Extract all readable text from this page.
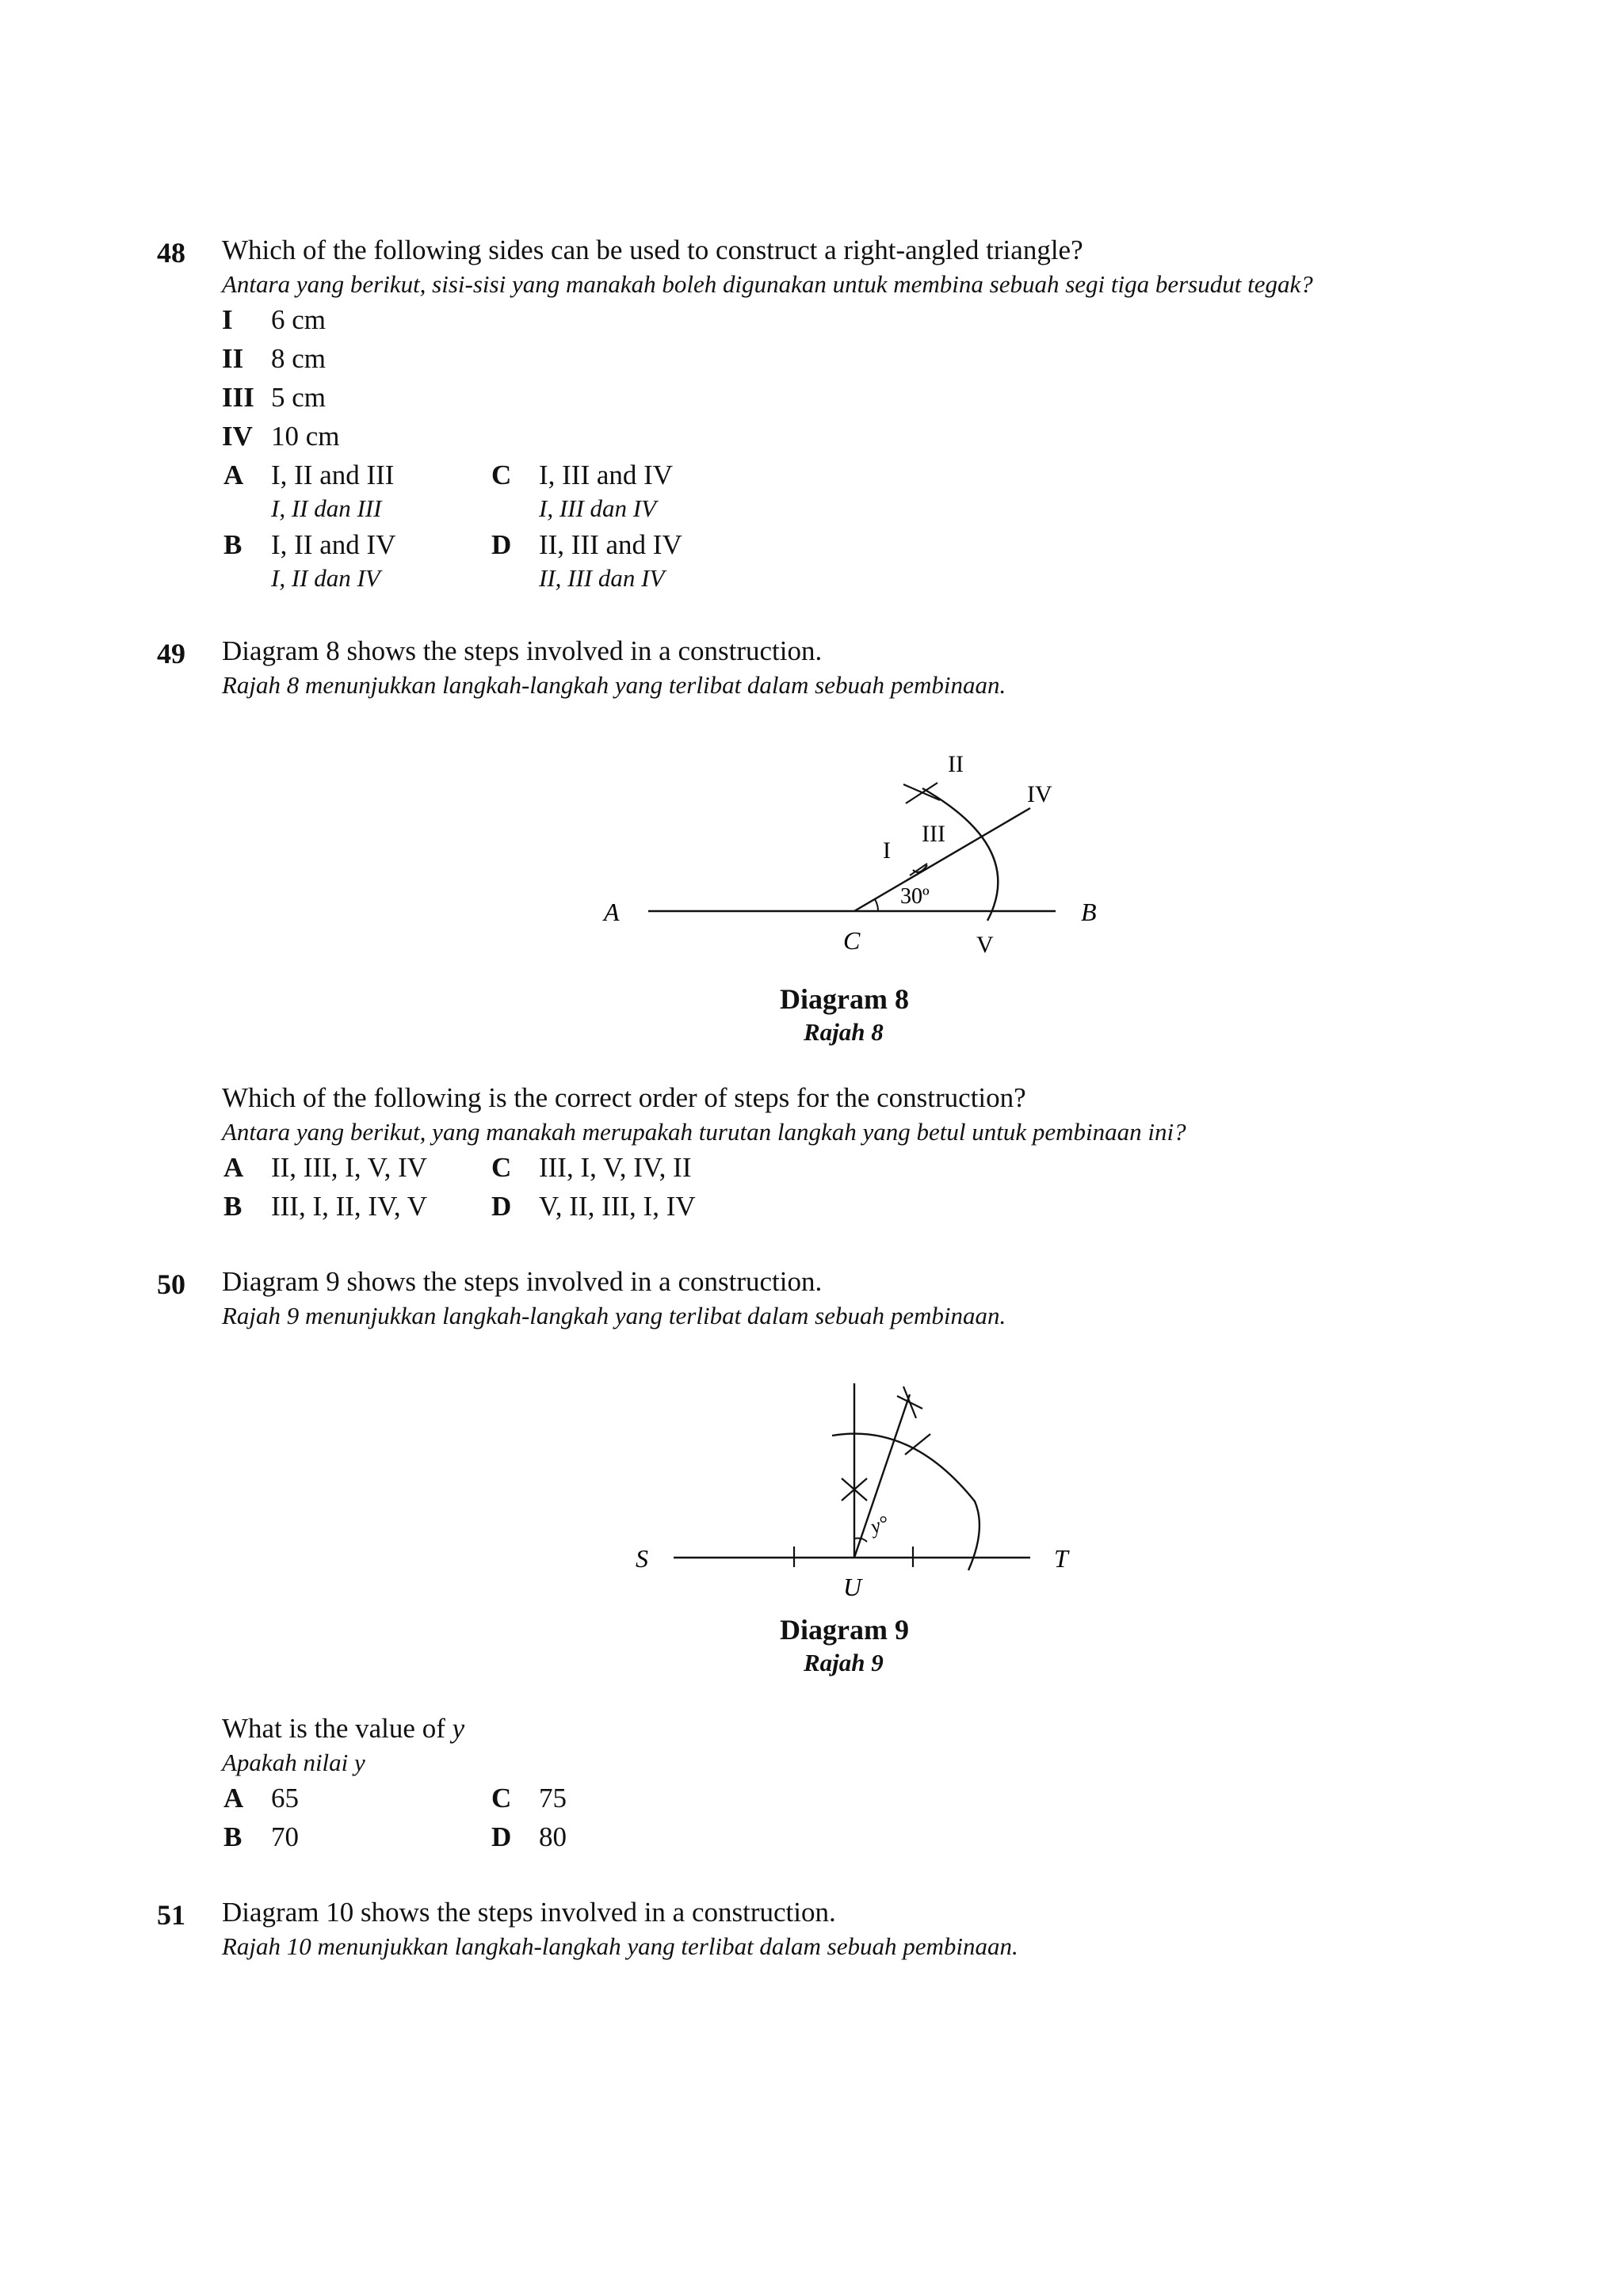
48 Which of the following sides can be used to construct a right-angled triangle?
Antara yang berikut, sisi-sisi yang manakah boleh digunakan untuk membina sebuah segi tiga bersudut tegak?
I 6 cm
II 8 cm
III 5 cm
IV 10 cm
A I, II and III
I, II dan III
B I, II and IV
I, II dan IV
C I, III and IV
I, III dan IV
D II, III and IV
II, III dan IV
49 Diagram 8 shows the steps involved in a construction.
Rajah 8 menunjukkan langkah-langkah yang terlibat dalam sebuah pembinaan.
A	B
C
I
II
III
IV
V
30º
Diagram 8
Rajah 8
Which of the following is the correct order of steps for the construction?
Antara yang berikut, yang manakah merupakah turutan langkah yang betul untuk pembinaan ini?
A II, III, I, V, IV
B III, I, II, IV, V
C III, I, V, IV, II
D V, II, III, I, IV
50 Diagram 9 shows the steps involved in a construction.
Rajah 9 menunjukkan langkah-langkah yang terlibat dalam sebuah pembinaan.
S	T
U
y°
Diagram 9
Rajah 9
What is the value of y
Apakah nilai y
A 65
B 70
C 75
D 80
51 Diagram 10 shows the steps involved in a construction.
Rajah 10 menunjukkan langkah-langkah yang terlibat dalam sebuah pembinaan.
